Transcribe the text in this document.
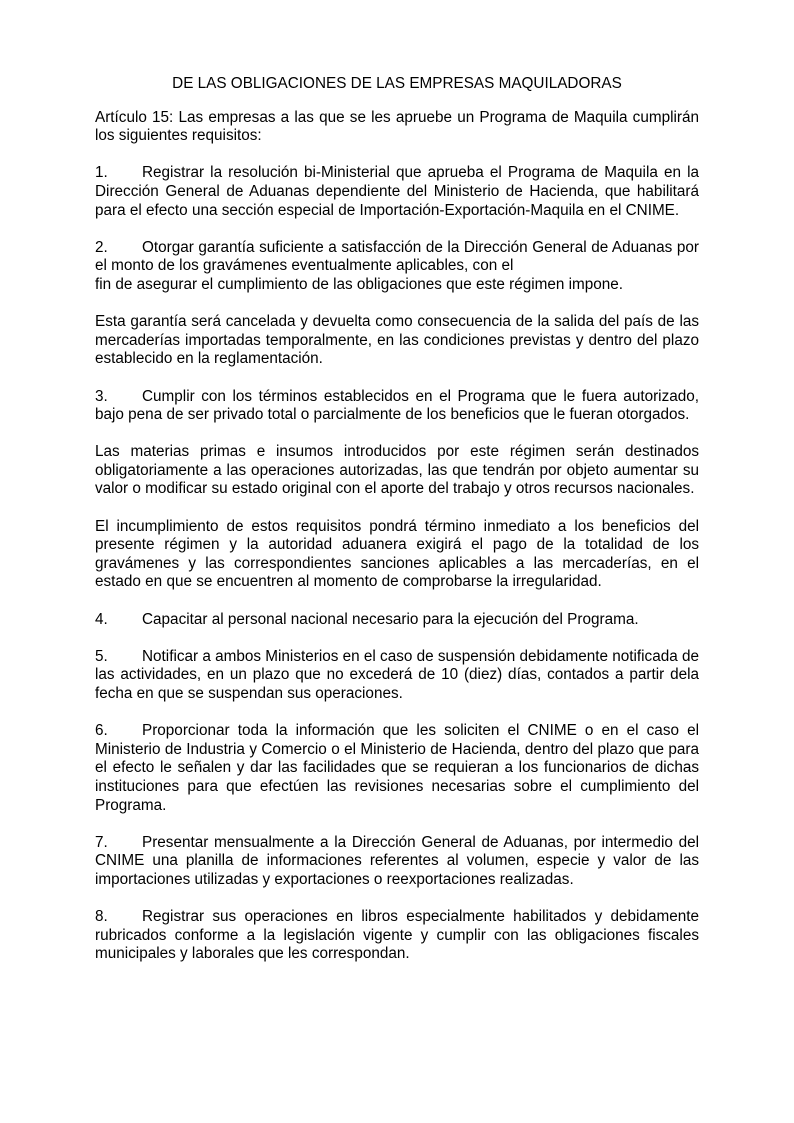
DE LAS OBLIGACIONES DE LAS EMPRESAS MAQUILADORAS

Artículo 15: Las empresas a las que se les apruebe un Programa de Maquila cumplirán los siguientes requisitos:

1. Registrar la resolución bi-Ministerial que aprueba el Programa de Maquila en la Dirección General de Aduanas dependiente del Ministerio de Hacienda, que habilitará para el efecto una sección especial de Importación-Exportación-Maquila en el CNIME.

2. Otorgar garantía suficiente a satisfacción de la Dirección General de Aduanas por el monto de los gravámenes eventualmente aplicables, con el

fin de asegurar el cumplimiento de las obligaciones que este régimen impone.

Esta garantía será cancelada y devuelta como consecuencia de la salida del país de las mercaderías importadas temporalmente, en las condiciones previstas y dentro del plazo establecido en la reglamentación.

3. Cumplir con los términos establecidos en el Programa que le fuera autorizado, bajo pena de ser privado total o parcialmente de los beneficios que le fueran otorgados.

Las materias primas e insumos introducidos por este régimen serán destinados obligatoriamente a las operaciones autorizadas, las que tendrán por objeto aumentar su valor o modificar su estado original con el aporte del trabajo y otros recursos nacionales.

El incumplimiento de estos requisitos pondrá término inmediato a los beneficios del presente régimen y la autoridad aduanera exigirá el pago de la totalidad de los gravámenes y las correspondientes sanciones aplicables a las mercaderías, en el estado en que se encuentren al momento de comprobarse la irregularidad.

4. Capacitar al personal nacional necesario para la ejecución del Programa.

5. Notificar a ambos Ministerios en el caso de suspensión debidamente notificada de las actividades, en un plazo que no excederá de 10 (diez) días, contados a partir dela fecha en que se suspendan sus operaciones.

6. Proporcionar toda la información que les soliciten el CNIME o en el caso el Ministerio de Industria y Comercio o el Ministerio de Hacienda, dentro del plazo que para el efecto le señalen y dar las facilidades que se requieran a los funcionarios de dichas instituciones para que efectúen las revisiones necesarias sobre el cumplimiento del Programa.

7. Presentar mensualmente a la Dirección General de Aduanas, por intermedio del CNIME una planilla de informaciones referentes al volumen, especie y valor de las importaciones utilizadas y exportaciones o reexportaciones realizadas.

8. Registrar sus operaciones en libros especialmente habilitados y debidamente rubricados conforme a la legislación vigente y cumplir con las obligaciones fiscales municipales y laborales que les correspondan.
